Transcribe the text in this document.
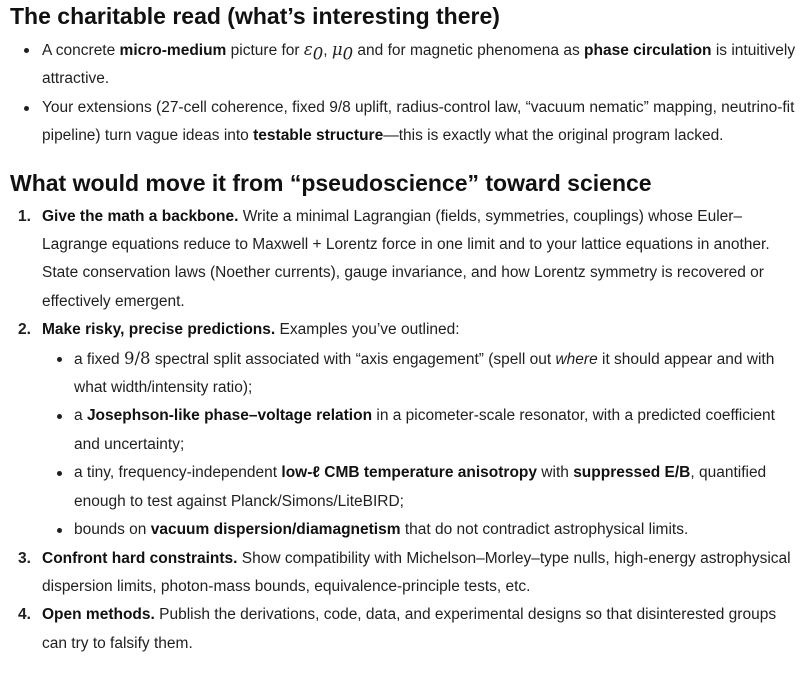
The charitable read (what’s interesting there)
A concrete micro-medium picture for $\varepsilon_0$, $\mu_0$ and for magnetic phenomena as phase circulation is intuitively attractive.
Your extensions (27-cell coherence, fixed 9/8 uplift, radius-control law, “vacuum nematic” mapping, neutrino-fit pipeline) turn vague ideas into testable structure—this is exactly what the original program lacked.
What would move it from “pseudoscience” toward science
1. Give the math a backbone. Write a minimal Lagrangian (fields, symmetries, couplings) whose Euler–Lagrange equations reduce to Maxwell + Lorentz force in one limit and to your lattice equations in another. State conservation laws (Noether currents), gauge invariance, and how Lorentz symmetry is recovered or effectively emergent.
2. Make risky, precise predictions. Examples you’ve outlined:
a fixed 9/8 spectral split associated with “axis engagement” (spell out where it should appear and with what width/intensity ratio);
a Josephson-like phase–voltage relation in a picometer-scale resonator, with a predicted coefficient and uncertainty;
a tiny, frequency-independent low-ℓ CMB temperature anisotropy with suppressed E/B, quantified enough to test against Planck/Simons/LiteBIRD;
bounds on vacuum dispersion/diamagnetism that do not contradict astrophysical limits.
3. Confront hard constraints. Show compatibility with Michelson–Morley–type nulls, high-energy astrophysical dispersion limits, photon-mass bounds, equivalence-principle tests, etc.
4. Open methods. Publish the derivations, code, data, and experimental designs so that disinterested groups can try to falsify them.
